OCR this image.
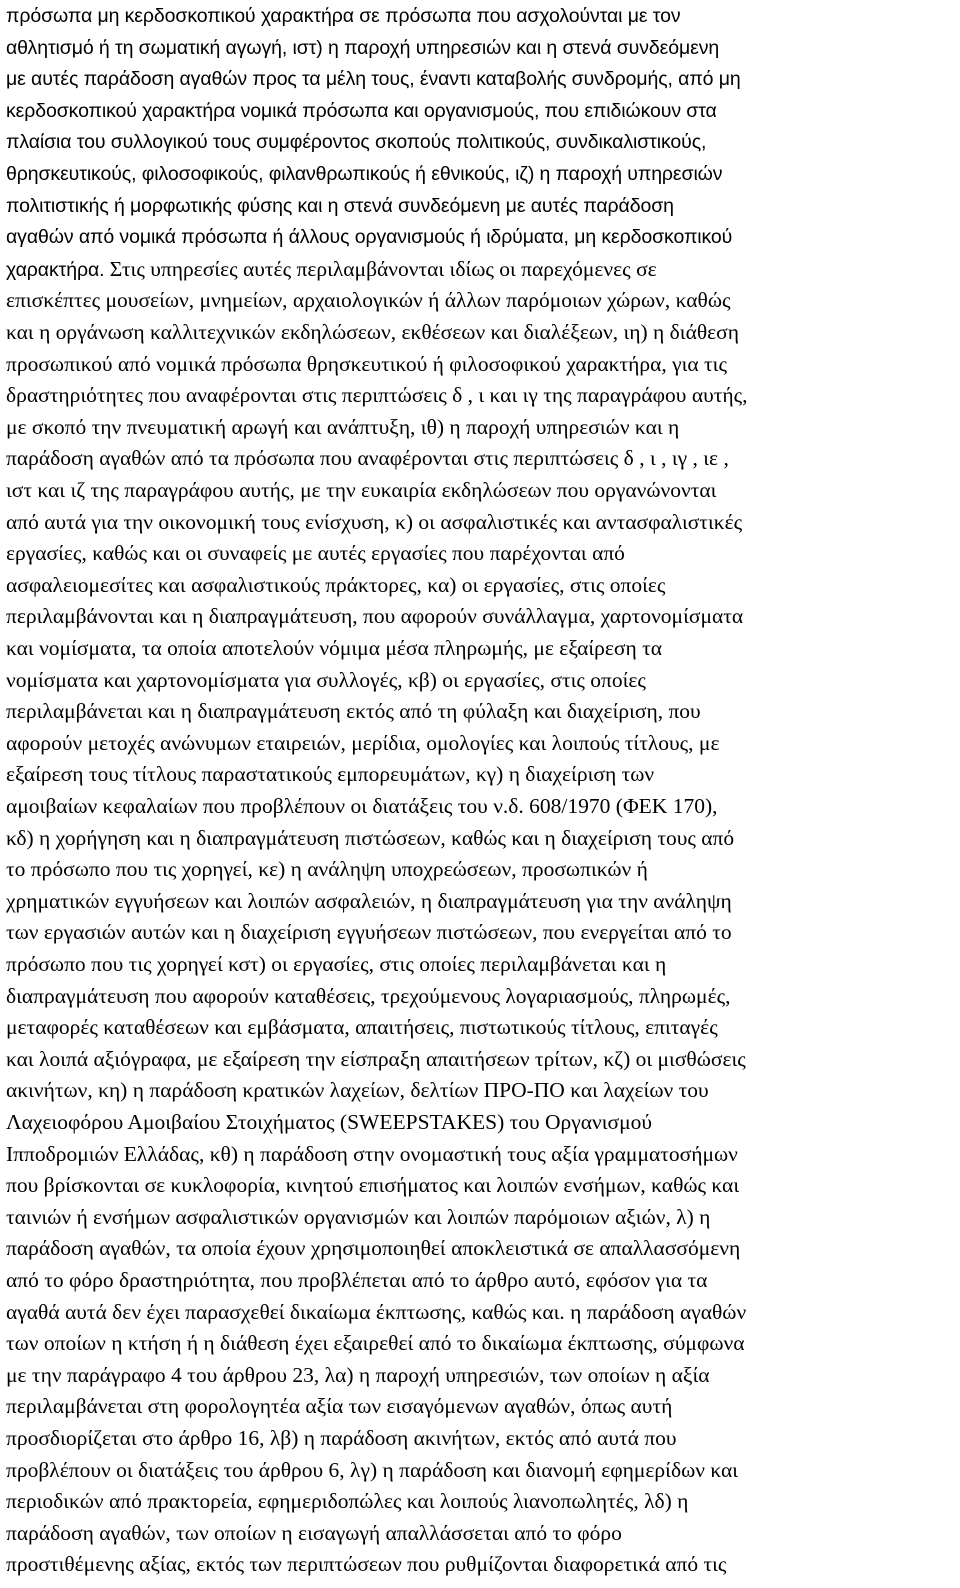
πρόσωπα μη κερδοσκοπικού χαρακτήρα σε πρόσωπα που ασχολούνται με τον

αθλητισμό ή τη σωματική αγωγή, ιστ) η παροχή υπηρεσιών και η στενά συνδεόμενη

με αυτές παράδοση αγαθών προς τα μέλη τους, έναντι καταβολής συνδρομής, από μη

κερδοσκοπικού χαρακτήρα νομικά πρόσωπα και οργανισμούς, που επιδιώκουν στα

πλαίσια του συλλογικού τους συμφέροντος σκοπούς πολιτικούς, συνδικαλιστικούς,

θρησκευτικούς, φιλοσοφικούς, φιλανθρωπικούς ή εθνικούς, ιζ) η παροχή υπηρεσιών

πολιτιστικής ή μορφωτικής φύσης και η στενά συνδεόμενη με αυτές παράδοση

αγαθών από νομικά πρόσωπα ή άλλους οργανισμούς ή ιδρύματα, μη κερδοσκοπικού

χαρακτήρα. Στις υπηρεσίες αυτές περιλαμβάνονται ιδίως οι παρεχόμενες σε

επισκέπτες μουσείων, μνημείων, αρχαιολογικών ή άλλων παρόμοιων χώρων, καθώς

και η οργάνωση καλλιτεχνικών εκδηλώσεων, εκθέσεων και διαλέξεων, ιη) η διάθεση

προσωπικού από νομικά πρόσωπα θρησκευτικού ή φιλοσοφικού χαρακτήρα, για τις

δραστηριότητες που αναφέρονται στις περιπτώσεις δ , ι και ιγ της παραγράφου αυτής,

με σκοπό την πνευματική αρωγή και ανάπτυξη, ιθ) η παροχή υπηρεσιών και η

παράδοση αγαθών από τα πρόσωπα που αναφέρονται στις περιπτώσεις δ , ι , ιγ , ιε ,

ιστ και ιζ της παραγράφου αυτής, με την ευκαιρία εκδηλώσεων που οργανώνονται

από αυτά για την οικονομική τους ενίσχυση, κ) οι ασφαλιστικές και αντασφαλιστικές

εργασίες, καθώς και οι συναφείς με αυτές εργασίες που παρέχονται από

ασφαλειομεσίτες και ασφαλιστικούς πράκτορες, κα) οι εργασίες, στις οποίες

περιλαμβάνονται και η διαπραγμάτευση, που αφορούν συνάλλαγμα, χαρτονομίσματα

και νομίσματα, τα οποία αποτελούν νόμιμα μέσα πληρωμής, με εξαίρεση τα

νομίσματα και χαρτονομίσματα για συλλογές, κβ) οι εργασίες, στις οποίες

περιλαμβάνεται και η διαπραγμάτευση εκτός από τη φύλαξη και διαχείριση, που

αφορούν μετοχές ανώνυμων εταιρειών, μερίδια, ομολογίες και λοιπούς τίτλους, με

εξαίρεση τους τίτλους παραστατικούς εμπορευμάτων, κγ) η διαχείριση των

αμοιβαίων κεφαλαίων που προβλέπουν οι διατάξεις του ν.δ. 608/1970 (ΦΕΚ 170),

κδ) η χορήγηση και η διαπραγμάτευση πιστώσεων, καθώς και η διαχείριση τους από

το πρόσωπο που τις χορηγεί, κε) η ανάληψη υποχρεώσεων, προσωπικών ή

χρηματικών εγγυήσεων και λοιπών ασφαλειών, η διαπραγμάτευση για την ανάληψη

των εργασιών αυτών και η διαχείριση εγγυήσεων πιστώσεων, που ενεργείται από το

πρόσωπο που τις χορηγεί κστ) οι εργασίες, στις οποίες περιλαμβάνεται και η

διαπραγμάτευση που αφορούν καταθέσεις, τρεχούμενους λογαριασμούς, πληρωμές,

μεταφορές καταθέσεων και εμβάσματα, απαιτήσεις, πιστωτικούς τίτλους, επιταγές

και λοιπά αξιόγραφα, με εξαίρεση την είσπραξη απαιτήσεων τρίτων, κζ) οι μισθώσεις

ακινήτων, κη) η παράδοση κρατικών λαχείων, δελτίων ΠΡΟ-ΠΟ και λαχείων του

Λαχειοφόρου Αμοιβαίου Στοιχήματος (SWEEPSTAKES) του Οργανισμού

Ιπποδρομιών Ελλάδας, κθ) η παράδοση στην ονομαστική τους αξία γραμματοσήμων

που βρίσκονται σε κυκλοφορία, κινητού επισήματος και λοιπών ενσήμων, καθώς και

ταινιών ή ενσήμων ασφαλιστικών οργανισμών και λοιπών παρόμοιων αξιών, λ) η

παράδοση αγαθών, τα οποία έχουν χρησιμοποιηθεί αποκλειστικά σε απαλλασσόμενη

από το φόρο δραστηριότητα, που προβλέπεται από το άρθρο αυτό, εφόσον για τα

αγαθά αυτά δεν έχει παρασχεθεί δικαίωμα έκπτωσης, καθώς και. η παράδοση αγαθών

των οποίων η κτήση ή η διάθεση έχει εξαιρεθεί από το δικαίωμα έκπτωσης, σύμφωνα

με την παράγραφο 4 του άρθρου 23, λα) η παροχή υπηρεσιών, των οποίων η αξία

περιλαμβάνεται στη φορολογητέα αξία των εισαγόμενων αγαθών, όπως αυτή

προσδιορίζεται στο άρθρο 16, λβ) η παράδοση ακινήτων, εκτός από αυτά που

προβλέπουν οι διατάξεις του άρθρου 6, λγ) η παράδοση και διανομή εφημερίδων και

περιοδικών από πρακτορεία, εφημεριδοπώλες και λοιπούς λιανοπωλητές, λδ) η

παράδοση αγαθών, των οποίων η εισαγωγή απαλλάσσεται από το φόρο

προστιθέμενης αξίας, εκτός των περιπτώσεων που ρυθμίζονται διαφορετικά από τις
